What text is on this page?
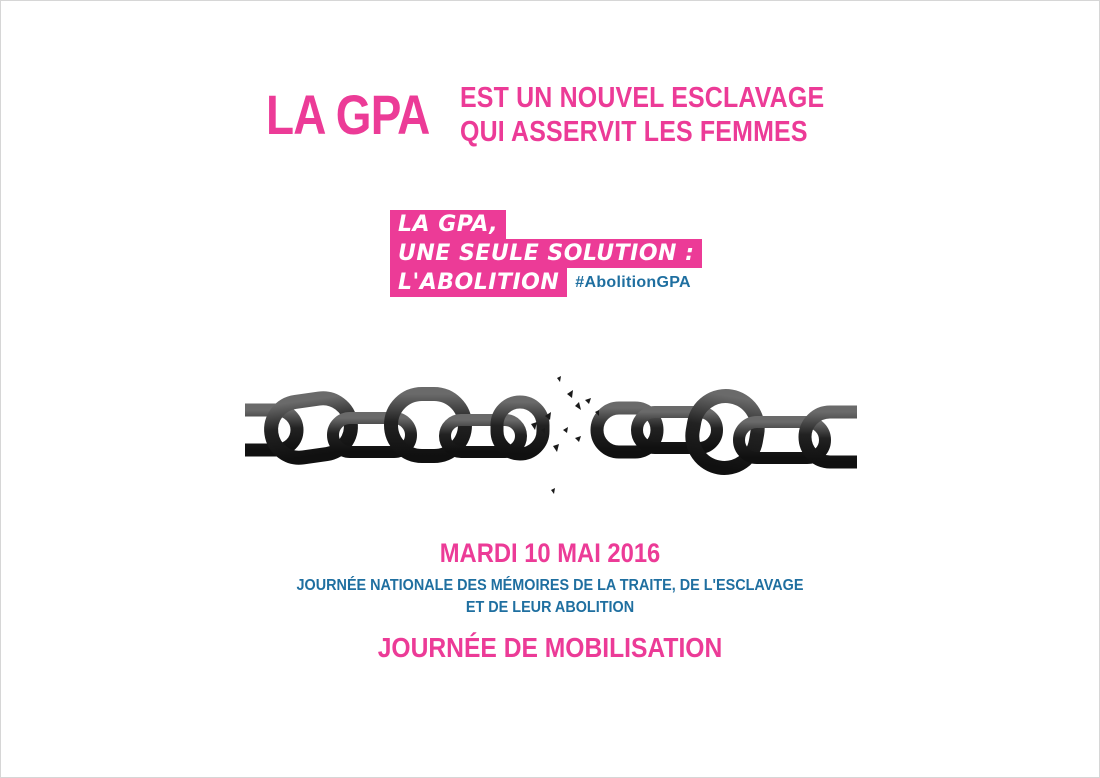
LA GPA EST UN NOUVEL ESCLAVAGE
QUI ASSERVIT LES FEMMES
LA GPA,
UNE SEULE SOLUTION :
L'ABOLITION	#AbolitionGPA
MARDI 10 MAI 2016
JOURNÉE NATIONALE DES MÉMOIRES DE LA TRAITE, DE L'ESCLAVAGE
ET DE LEUR ABOLITION
JOURNÉE DE MOBILISATION
